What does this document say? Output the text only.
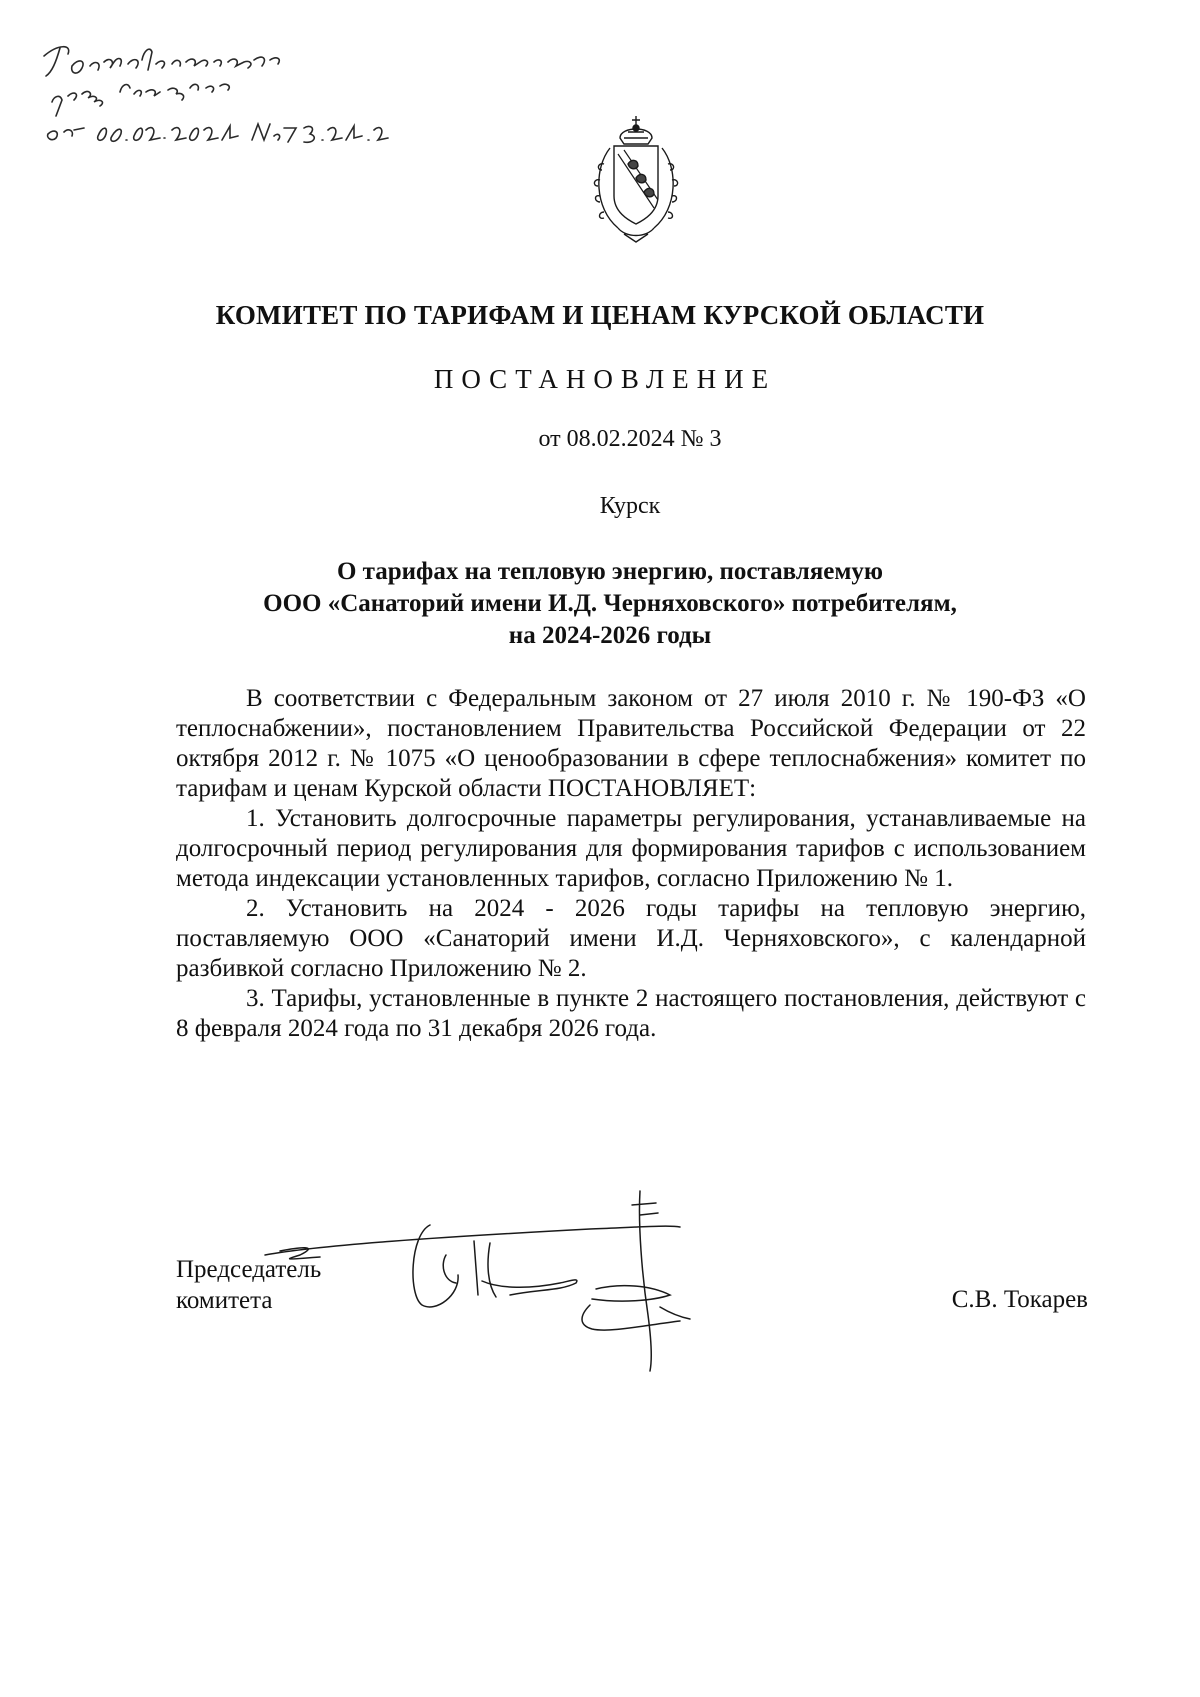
КОМИТЕТ ПО ТАРИФАМ И ЦЕНАМ КУРСКОЙ ОБЛАСТИ
ПОСТАНОВЛЕНИЕ
от 08.02.2024 № 3
Курск
О тарифах на тепловую энергию, поставляемую
ООО «Санаторий имени И.Д. Черняховского» потребителям,
на 2024-2026 годы

В соответствии с Федеральным законом от 27 июля 2010 г. № 190-ФЗ «О теплоснабжении», постановлением Правительства Российской Федерации от 22 октября 2012 г. № 1075 «О ценообразовании в сфере теплоснабжения» комитет по тарифам и ценам Курской области ПОСТАНОВЛЯЕТ:

1. Установить долгосрочные параметры регулирования, устанавливаемые на долгосрочный период регулирования для формирования тарифов с использованием метода индексации установленных тарифов, согласно Приложению № 1.

2. Установить на 2024 - 2026 годы тарифы на тепловую энергию, поставляемую ООО «Санаторий имени И.Д. Черняховского», с календарной разбивкой согласно Приложению № 2.

3. Тарифы, установленные в пункте 2 настоящего постановления, действуют с 8 февраля 2024 года по 31 декабря 2026 года.

Председатель
комитета	С.В. Токарев
